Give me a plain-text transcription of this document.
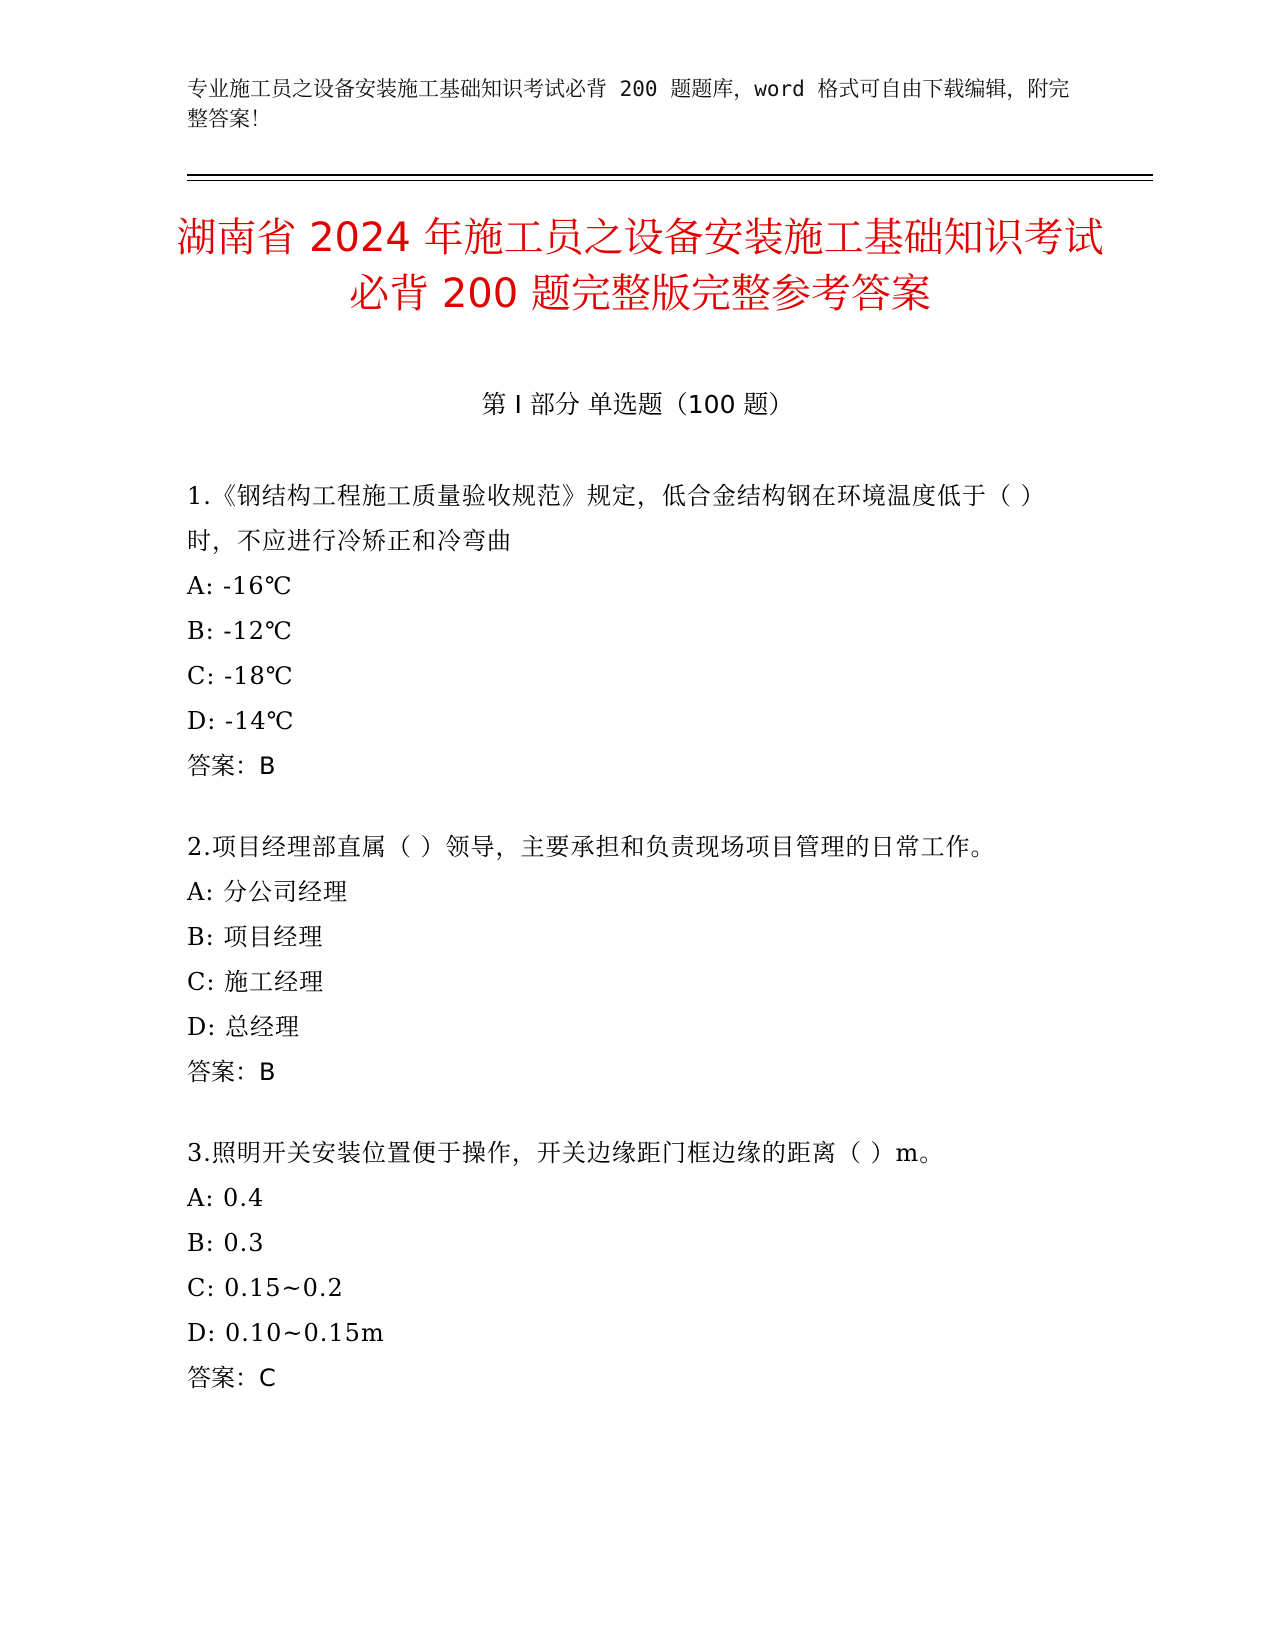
专业施工员之设备安装施工基础知识考试必背 200 题题库，word 格式可自由下载编辑，附完整答案！
湖南省 2024 年施工员之设备安装施工基础知识考试必背 200 题完整版完整参考答案
第 I 部分 单选题（100 题）
1.《钢结构工程施工质量验收规范》规定，低合金结构钢在环境温度低于（ ）时，不应进行冷矫正和冷弯曲
A: -16℃
B: -12℃
C: -18℃
D: -14℃
答案：B
2.项目经理部直属（ ）领导，主要承担和负责现场项目管理的日常工作。
A: 分公司经理
B: 项目经理
C: 施工经理
D: 总经理
答案：B
3.照明开关安装位置便于操作，开关边缘距门框边缘的距离（ ）m。
A: 0.4
B: 0.3
C: 0.15~0.2
D: 0.10~0.15m
答案：C
